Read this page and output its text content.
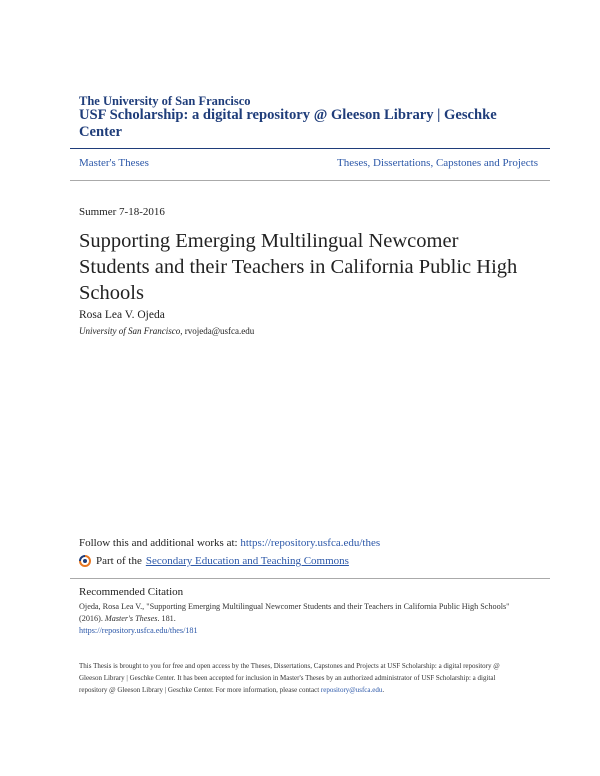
The University of San Francisco
USF Scholarship: a digital repository @ Gleeson Library | Geschke Center
Master's Theses	Theses, Dissertations, Capstones and Projects
Summer 7-18-2016
Supporting Emerging Multilingual Newcomer Students and their Teachers in California Public High Schools
Rosa Lea V. Ojeda
University of San Francisco, rvojeda@usfca.edu
Follow this and additional works at: https://repository.usfca.edu/thes
Part of the Secondary Education and Teaching Commons
Recommended Citation
Ojeda, Rosa Lea V., "Supporting Emerging Multilingual Newcomer Students and their Teachers in California Public High Schools" (2016). Master's Theses. 181.
https://repository.usfca.edu/thes/181
This Thesis is brought to you for free and open access by the Theses, Dissertations, Capstones and Projects at USF Scholarship: a digital repository @ Gleeson Library | Geschke Center. It has been accepted for inclusion in Master's Theses by an authorized administrator of USF Scholarship: a digital repository @ Gleeson Library | Geschke Center. For more information, please contact repository@usfca.edu.
